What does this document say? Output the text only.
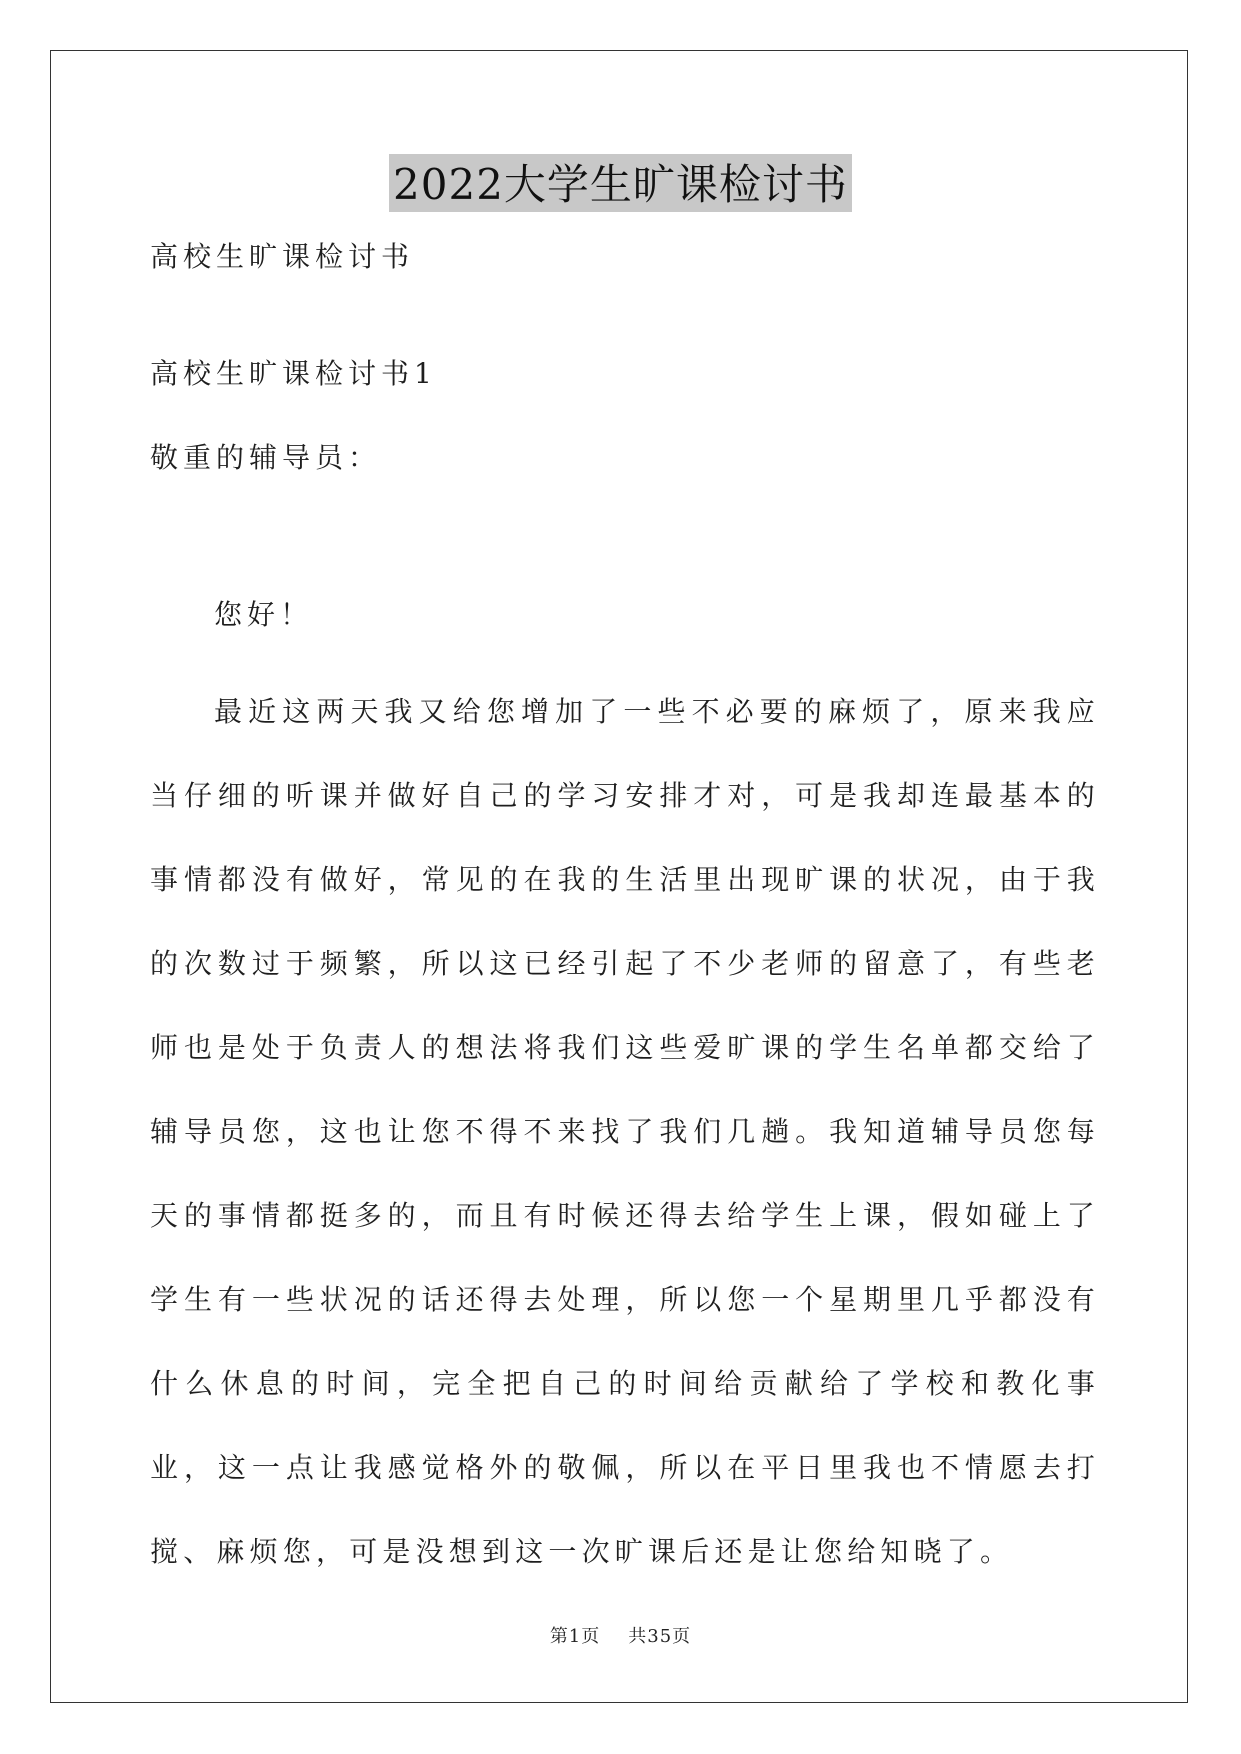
2022大学生旷课检讨书
高校生旷课检讨书
高校生旷课检讨书1
敬重的辅导员：
您好！

最近这两天我又给您增加了一些不必要的麻烦了，原来我应当仔细的听课并做好自己的学习安排才对，可是我却连最基本的事情都没有做好，常见的在我的生活里出现旷课的状况，由于我的次数过于频繁，所以这已经引起了不少老师的留意了，有些老师也是处于负责人的想法将我们这些爱旷课的学生名单都交给了辅导员您，这也让您不得不来找了我们几趟。我知道辅导员您每天的事情都挺多的，而且有时候还得去给学生上课，假如碰上了学生有一些状况的话还得去处理，所以您一个星期里几乎都没有什么休息的时间，完全把自己的时间给贡献给了学校和教化事业，这一点让我感觉格外的敬佩，所以在平日里我也不情愿去打搅、麻烦您，可是没想到这一次旷课后还是让您给知晓了。

第1页 共35页
